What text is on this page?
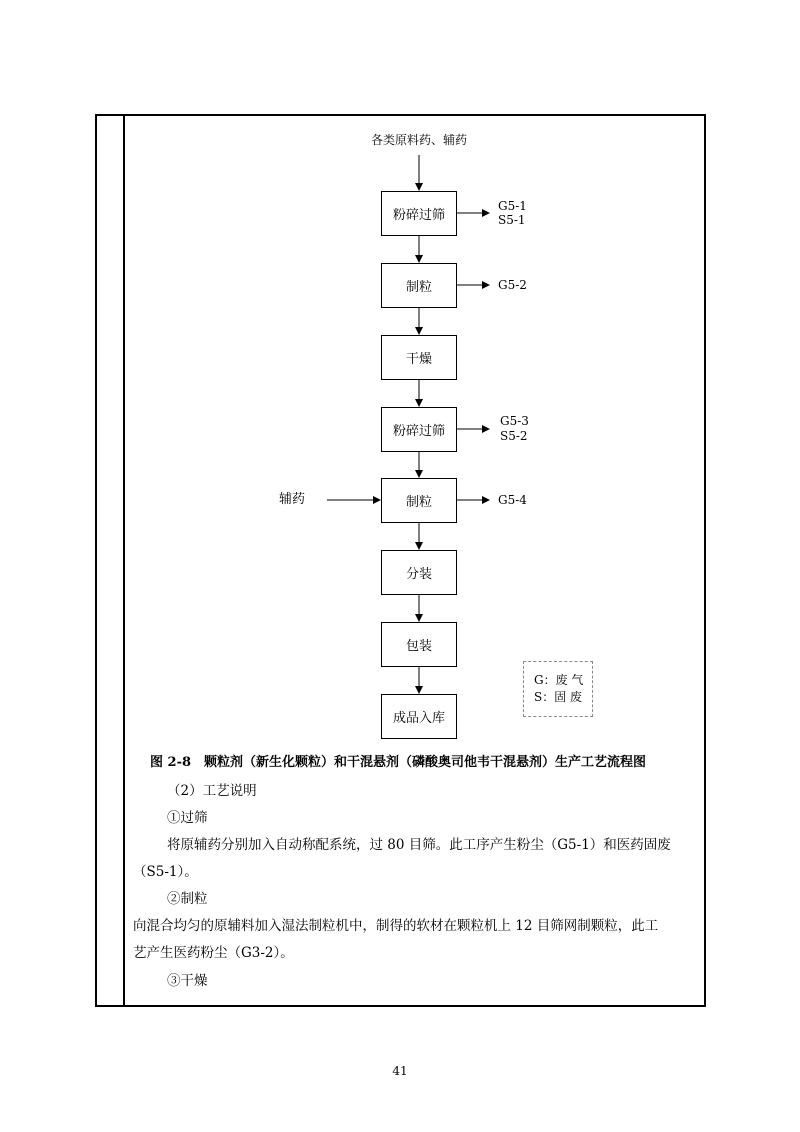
各类原料药、辅药
粉碎过筛
制粒
干燥
粉碎过筛
制粒
分装
包装
成品入库
G5-1
S5-1
G5-2
G5-3
S5-2
G5-4
辅药
G：废 气
S：固 废
图 2-8　颗粒剂（新生化颗粒）和干混悬剂（磷酸奥司他韦干混悬剂）生产工艺流程图
（2）工艺说明
①过筛
将原辅药分别加入自动称配系统，过 80 目筛。此工序产生粉尘（G5-1）和医药固废
（S5-1）。
②制粒
向混合均匀的原辅料加入湿法制粒机中，制得的软材在颗粒机上 12 目筛网制颗粒，此工
艺产生医药粉尘（G3-2）。
③干燥
41
